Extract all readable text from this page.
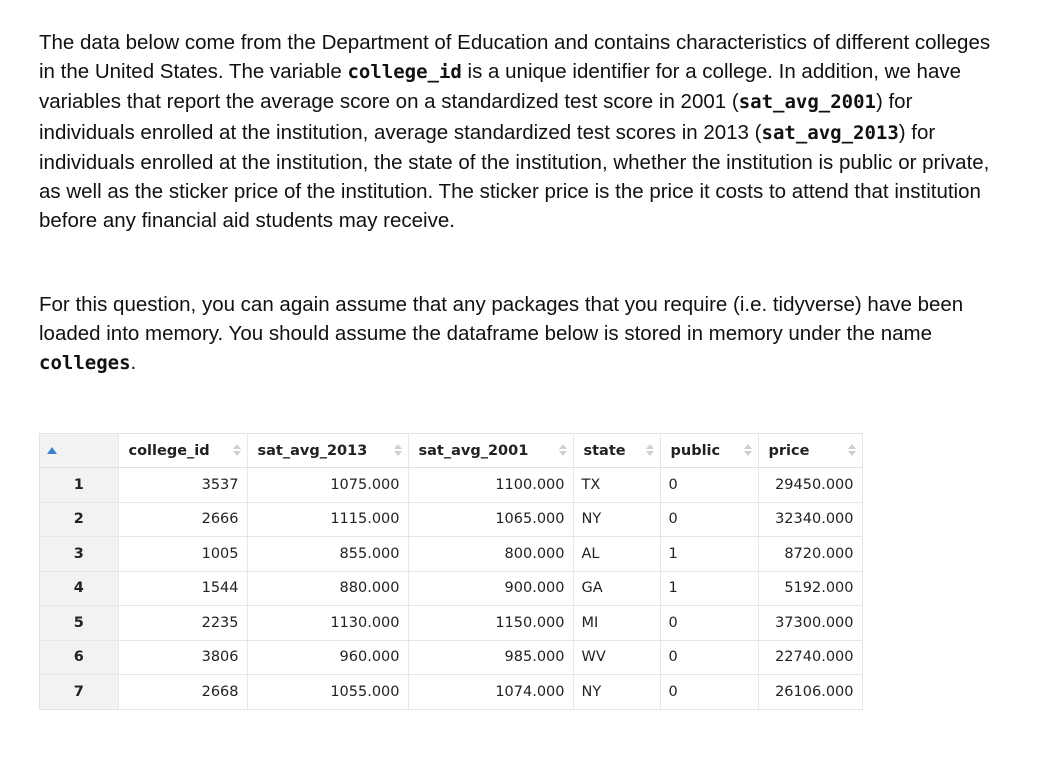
The data below come from the Department of Education and contains characteristics of different colleges in the United States. The variable college_id is a unique identifier for a college. In addition, we have variables that report the average score on a standardized test score in 2001 (sat_avg_2001) for individuals enrolled at the institution, average standardized test scores in 2013 (sat_avg_2013) for individuals enrolled at the institution, the state of the institution, whether the institution is public or private, as well as the sticker price of the institution. The sticker price is the price it costs to attend that institution before any financial aid students may receive.

For this question, you can again assume that any packages that you require (i.e. tidyverse) have been loaded into memory. You should assume the dataframe below is stored in memory under the name colleges.

	college_id	sat_avg_2013	sat_avg_2001	state	public	price

1	3537	1075.000	1100.000	TX	0	29450.000
2	2666	1115.000	1065.000	NY	0	32340.000
3	1005	855.000	800.000	AL	1	8720.000
4	1544	880.000	900.000	GA	1	5192.000
5	2235	1130.000	1150.000	MI	0	37300.000
6	3806	960.000	985.000	WV	0	22740.000
7	2668	1055.000	1074.000	NY	0	26106.000
